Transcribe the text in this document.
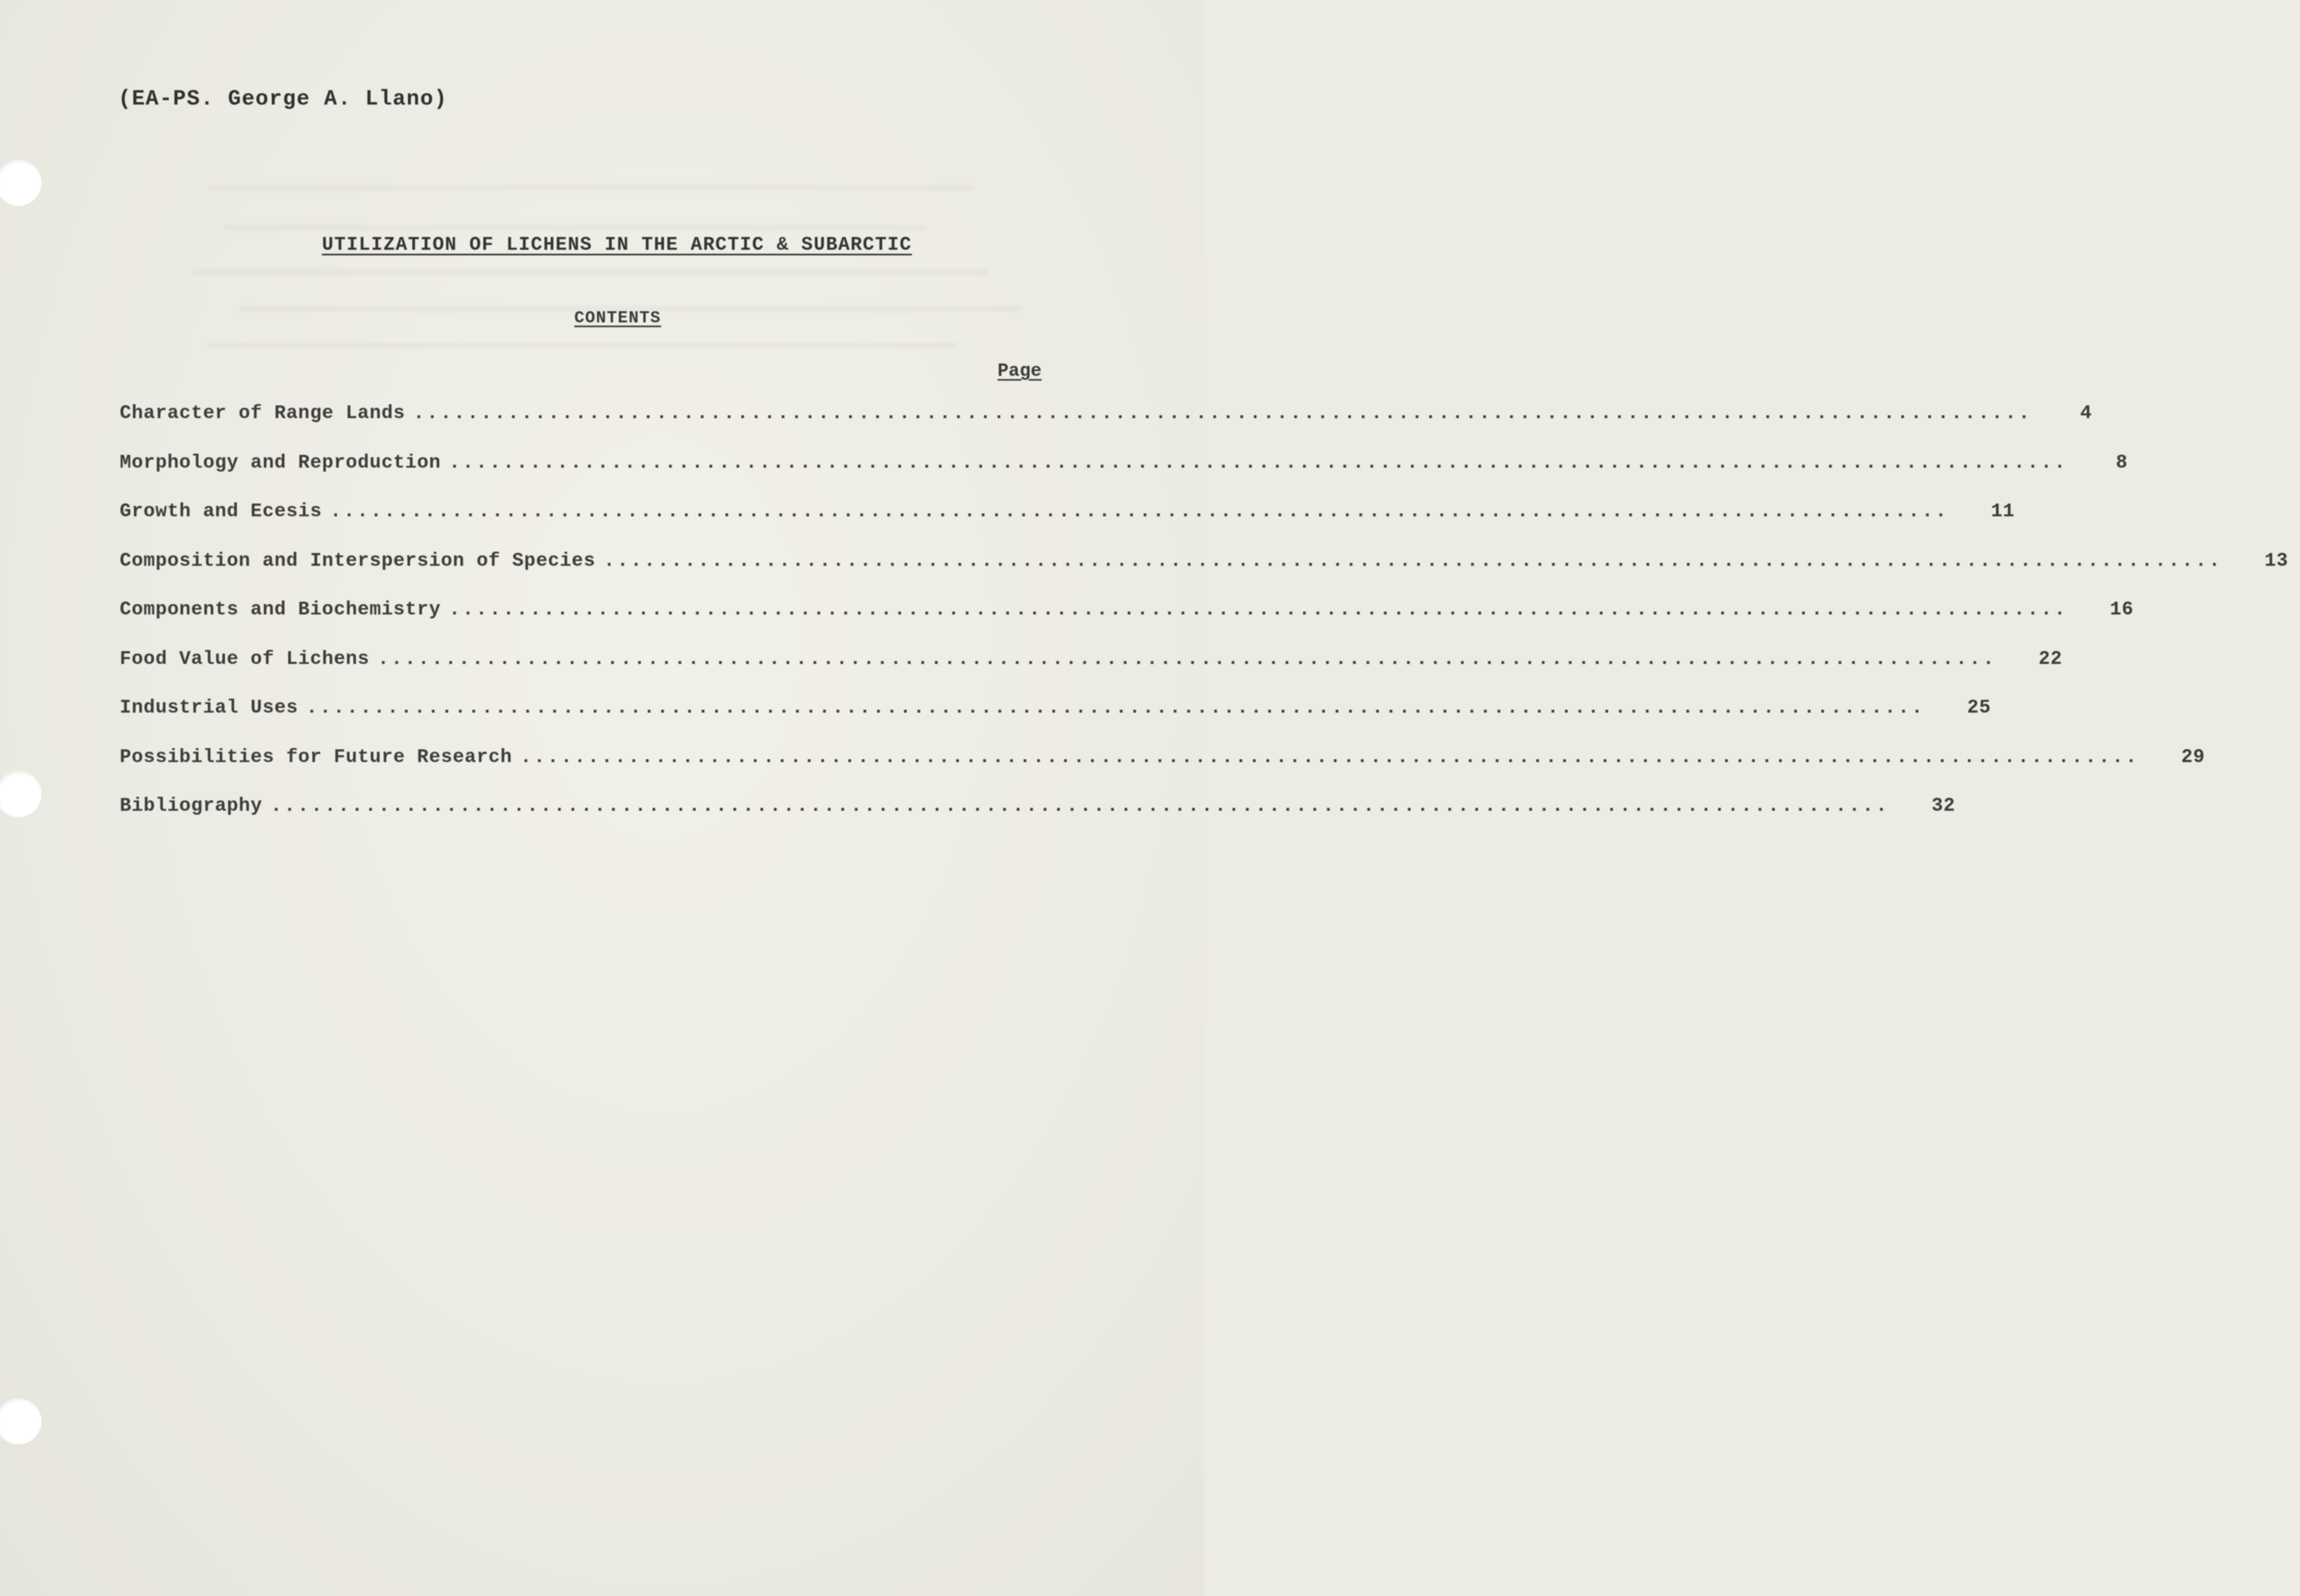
(EA-PS. George A. Llano)
UTILIZATION OF LICHENS IN THE ARCTIC & SUBARCTIC
CONTENTS
Page
Character of Range Lands ........................................................................................................................	4
Morphology and Reproduction ........................................................................................................................	8
Growth and Ecesis ........................................................................................................................	11
Composition and Interspersion of Species ........................................................................................................................	13
Components and Biochemistry ........................................................................................................................	16
Food Value of Lichens ........................................................................................................................	22
Industrial Uses ........................................................................................................................	25
Possibilities for Future Research ........................................................................................................................	29
Bibliography ........................................................................................................................	32
